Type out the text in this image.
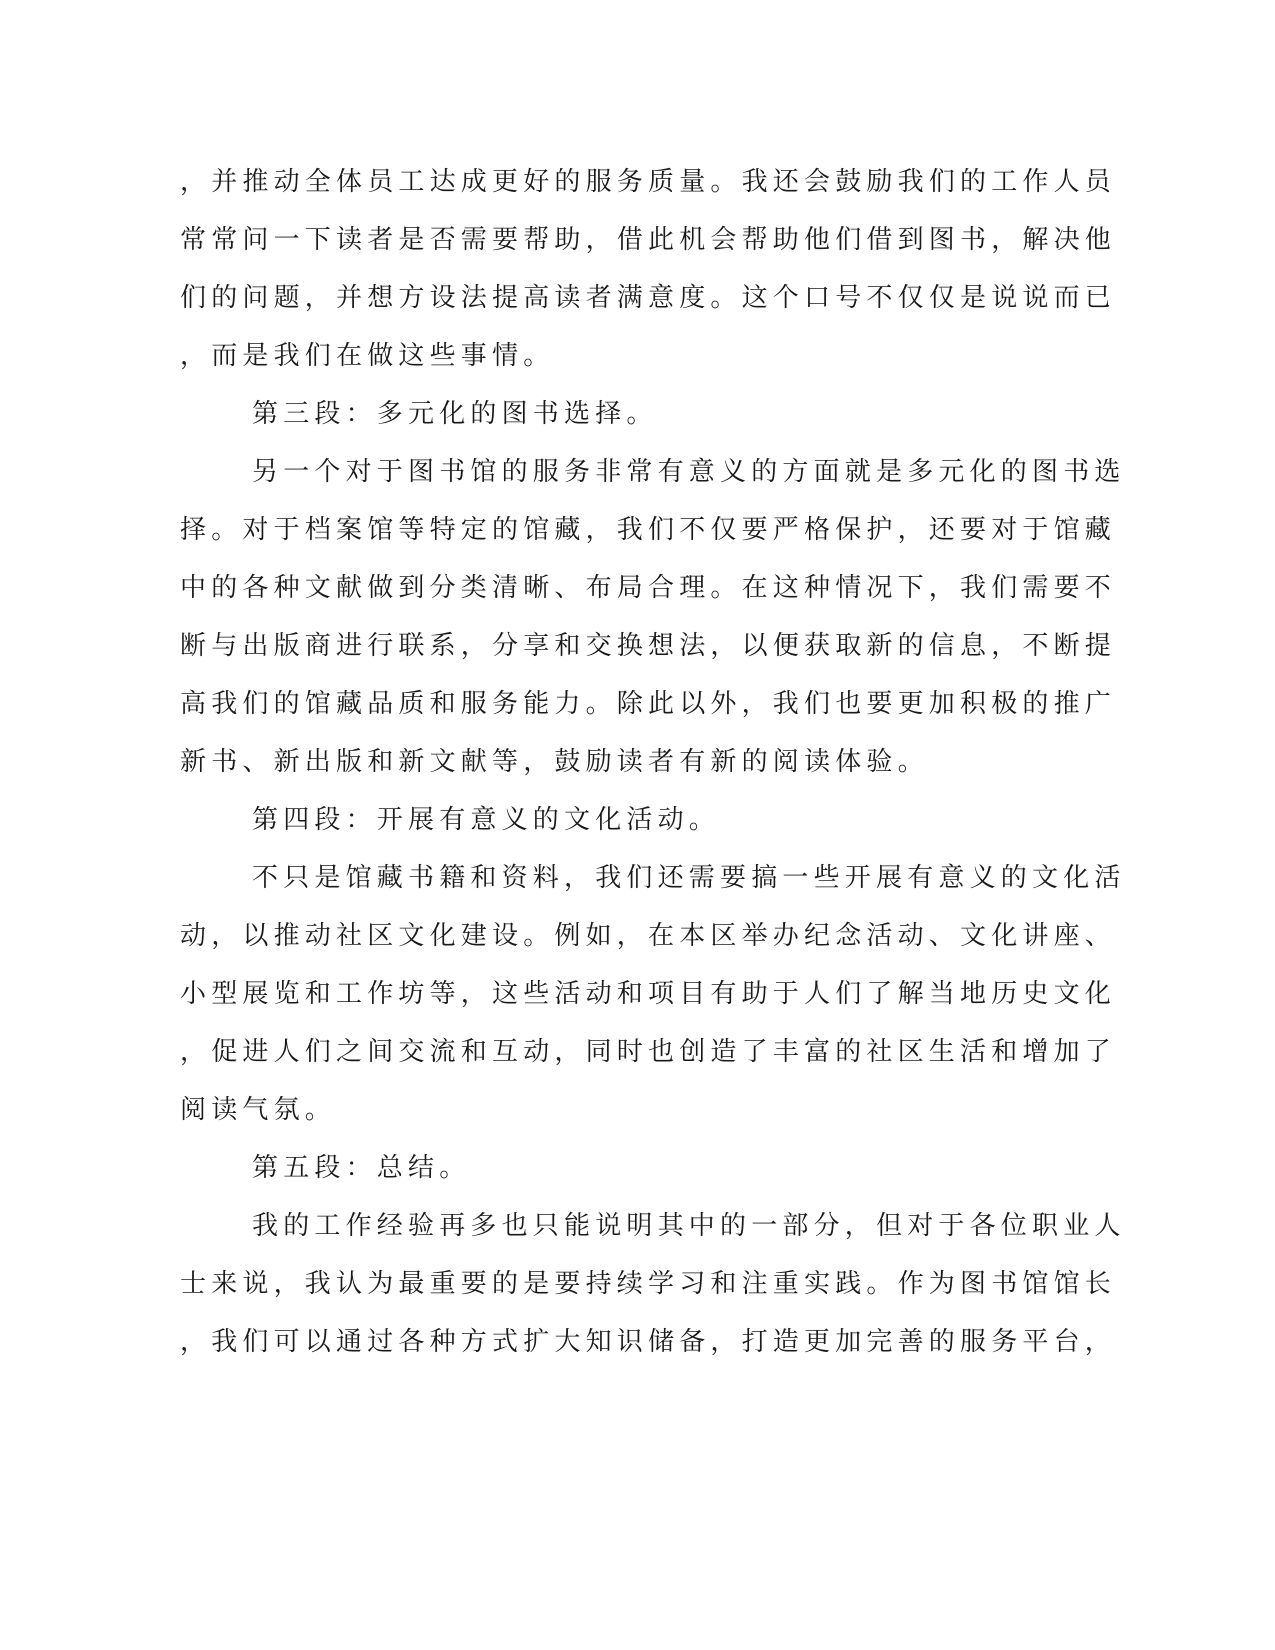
，并推动全体员工达成更好的服务质量。我还会鼓励我们的工作人员
常常问一下读者是否需要帮助，借此机会帮助他们借到图书，解决他
们的问题，并想方设法提高读者满意度。这个口号不仅仅是说说而已
，而是我们在做这些事情。
第三段：多元化的图书选择。
另一个对于图书馆的服务非常有意义的方面就是多元化的图书选
择。对于档案馆等特定的馆藏，我们不仅要严格保护，还要对于馆藏
中的各种文献做到分类清晰、布局合理。在这种情况下，我们需要不
断与出版商进行联系，分享和交换想法，以便获取新的信息，不断提
高我们的馆藏品质和服务能力。除此以外，我们也要更加积极的推广
新书、新出版和新文献等，鼓励读者有新的阅读体验。
第四段：开展有意义的文化活动。
不只是馆藏书籍和资料，我们还需要搞一些开展有意义的文化活
动，以推动社区文化建设。例如，在本区举办纪念活动、文化讲座、
小型展览和工作坊等，这些活动和项目有助于人们了解当地历史文化
，促进人们之间交流和互动，同时也创造了丰富的社区生活和增加了
阅读气氛。
第五段：总结。
我的工作经验再多也只能说明其中的一部分，但对于各位职业人
士来说，我认为最重要的是要持续学习和注重实践。作为图书馆馆长
，我们可以通过各种方式扩大知识储备，打造更加完善的服务平台，
